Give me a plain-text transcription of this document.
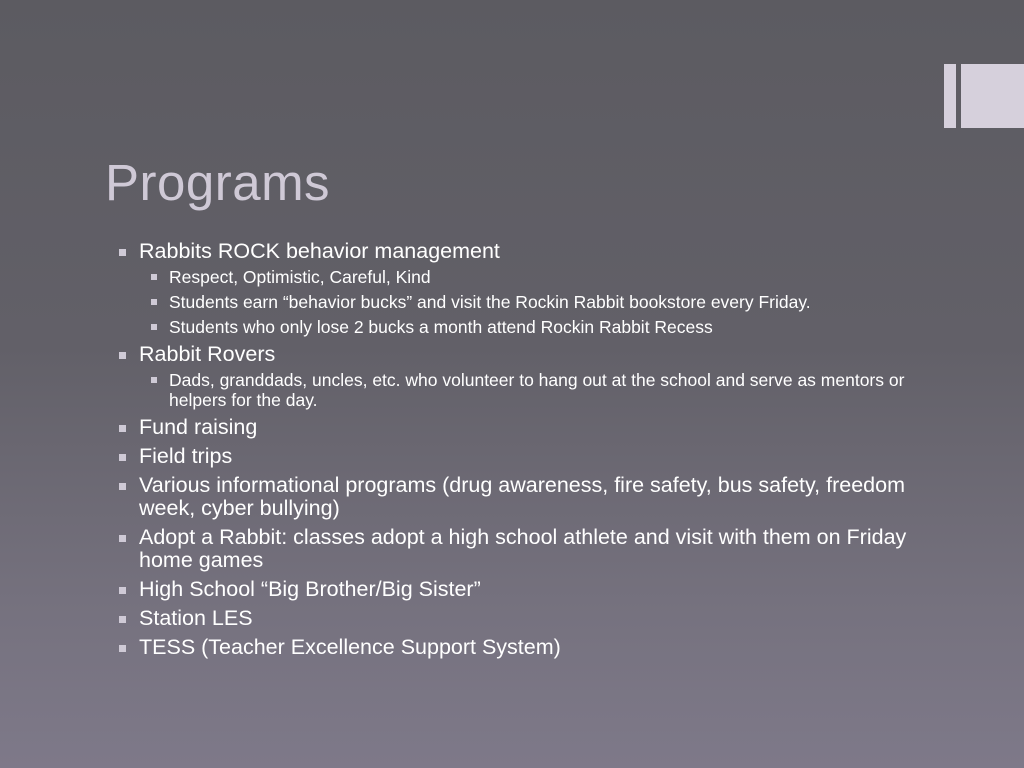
Programs
Rabbits ROCK behavior management
Respect, Optimistic, Careful, Kind
Students earn “behavior bucks” and visit the Rockin Rabbit bookstore every Friday.
Students who only lose 2 bucks a month attend Rockin Rabbit Recess
Rabbit Rovers
Dads, granddads, uncles, etc. who volunteer to hang out at the school and serve as mentors or helpers for the day.
Fund raising
Field trips
Various informational programs (drug awareness, fire safety, bus safety, freedom week, cyber bullying)
Adopt a Rabbit: classes adopt a high school athlete and visit with them on Friday home games
High School “Big Brother/Big Sister”
Station LES
TESS (Teacher Excellence Support System)
